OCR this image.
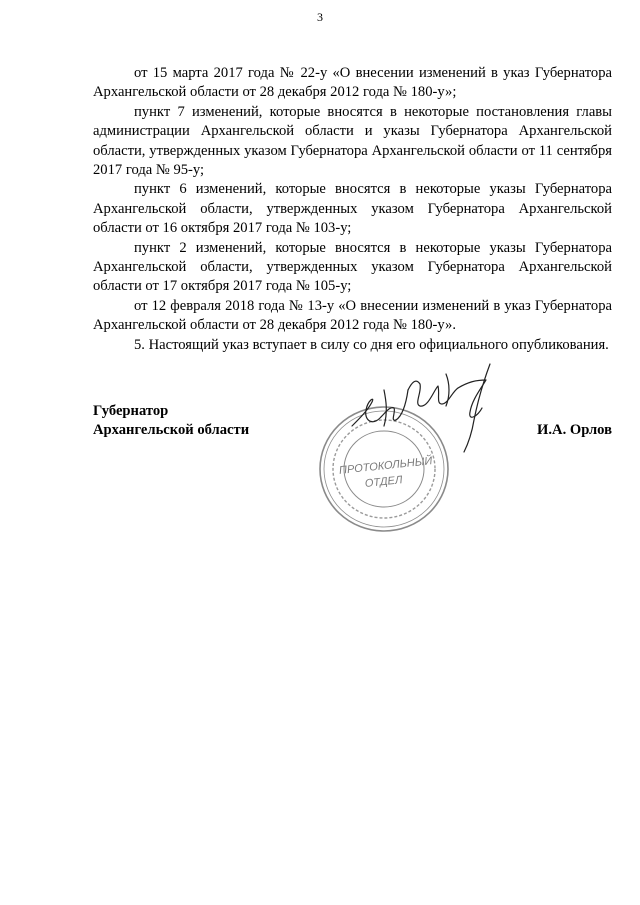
3

от 15 марта 2017 года № 22-у «О внесении изменений в указ Губернатора Архангельской области от 28 декабря 2012 года № 180-у»;

пункт 7 изменений, которые вносятся в некоторые постановления главы администрации Архангельской области и указы Губернатора Архангельской области, утвержденных указом Губернатора Архангельской области от 11 сентября 2017 года № 95-у;

пункт 6 изменений, которые вносятся в некоторые указы Губернатора Архангельской области, утвержденных указом Губернатора Архангельской области от 16 октября 2017 года № 103-у;

пункт 2 изменений, которые вносятся в некоторые указы Губернатора Архангельской области, утвержденных указом Губернатора Архангельской области от 17 октября 2017 года № 105-у;

от 12 февраля 2018 года № 13-у «О внесении изменений в указ Губернатора Архангельской области от 28 декабря 2012 года № 180-у».

5. Настоящий указ вступает в силу со дня его официального опубликования.

ПРОТОКОЛЬНЫЙ
ОТДЕЛ
Губернатор
Архангельской области	И.А. Орлов
